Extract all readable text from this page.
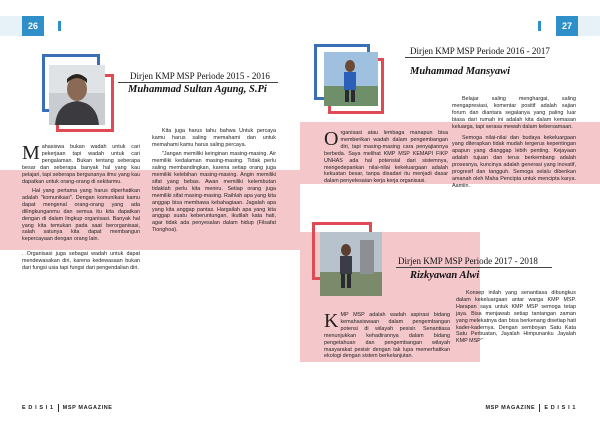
26
Dirjen KMP MSP Periode 2015 - 2016
Muhammad Sultan Agung, S.Pi

Mahasiswa bukan wadah untuk cari pekerjaan tapi wadah untuk cari pengalaman. Bukan tentang seberapa besar dan seberapa banyak hal yang kau pelajari, tapi seberapa bergunanya ilmu yang kau dapatkan untuk orang-orang di sekitarmu.

Hal yang pertama yang harus diperhatikan adalah "komunikasi". Dengan komunikasi kamu dapat mengenal orang-orang yang ada dilingkunganmu dan semua itu kita dapatkan dengan di dalam lingkup organisasi. Banyak hal yang kita temukan pada saat berorganisasi, salah satunya kita dapat membangun kepercayaan dengan orang lain.

. Organisasi juga sebagai wadah untuk dapat mendewasakan diri, karena kedewasaan bukan dari fungsi usia tapi fungsi dari pengendalian diri.

Kita juga harus tahu bahwa Untuk percaya kamu harus saling memahami dan untuk memahami kamu harus saling percaya.

"Jangan memiliki keinginan masing-masing. Air memiliki kedalaman masing-masing. Tidak perlu saling membandingkan, karena setiap orang juga memiliki kelebihan masing-masing. Angin memiliki sifat yang bebas. Awan memiliki kelembutan tidaklah perlu kita meniru. Setiap orang juga memiliki sifat masing-masing. Raihlah apa yang kita anggap bisa membawa kebahagiaan. Jagalah apa yang kita anggap pantas. Hargailah apa yang kita anggap suatu keberuntungan, ikutilah kata hati, agar tidak ada penyesalan dalam hidup (Filsafat Tionghoa).

E D I S I 1 MSP MAGAZINE
27
Dirjen KMP MSP Periode 2016 - 2017
Muhammad Mansyawi

Organisasi atau lembaga manapun bisa memberikan wadah dalam pengembangan diri, tapi masing-masing cara penyajiannya berbeda. Saya melihat KMP MSP KEMAPI FIKP UNHAS ada hal potensial dari sistemnya, mengedepankan nilai-nilai kekeluargaan adalah kekuatan besar, tanpa disadari itu menjadi dasar dalam penyelesaian kerja kerja organisasi.

Belajar saling menghargai, saling mengapresiasi, komentar positif adalah sajian forum dan diantara segalanya yang paling luar biasa dari rumah ini adalah kita dalam kemasan keluarga, tapi serasa mewah dalam kebersamaan.

Semoga nilai-nilai dan budaya kekeluargaan yang diterapkan tidak mudah tergerus kepentingan apapun yang dianggap lebih penting. Kejayaan adalah tujuan dan terus berkembang adalah prosesnya, kuncinya adalah generasi yang inovatif, progresif dan tangguh. Semoga selalu diberikan amanah oleh Maha Pencipta untuk mencipta karya. Aamiin.

Dirjen KMP MSP Periode 2017 - 2018
Rizkyawan Alwi

KMP MSP adalah wadah aspirasi bidang kemahasiswaan dalam pengembangan potensi di wilayah pesisir. Senantiasa menunjukkan kehadirannya dalam bidang pengetahuan dan pengembangan wilayah masyarakat pesisir dengan tak lupa memerhatikan ekologi dengan sistem berkelanjutan.

Konsep inilah yang senantiasa dibungkus dalam kekeluargaan antar warga KMP MSP. Harapan saya untuk KMP MSP semoga tetap jaya. Bisa menjawab setiap tantangan zaman yang melekatnya dan bisa berkenang disetiap hati kader-kadernya. Dengan semboyan Satu Kata Satu Perbuatan, Jayalah Himpunanku Jayalah KMP MSP"

MSP MAGAZINE E D I S I 1
